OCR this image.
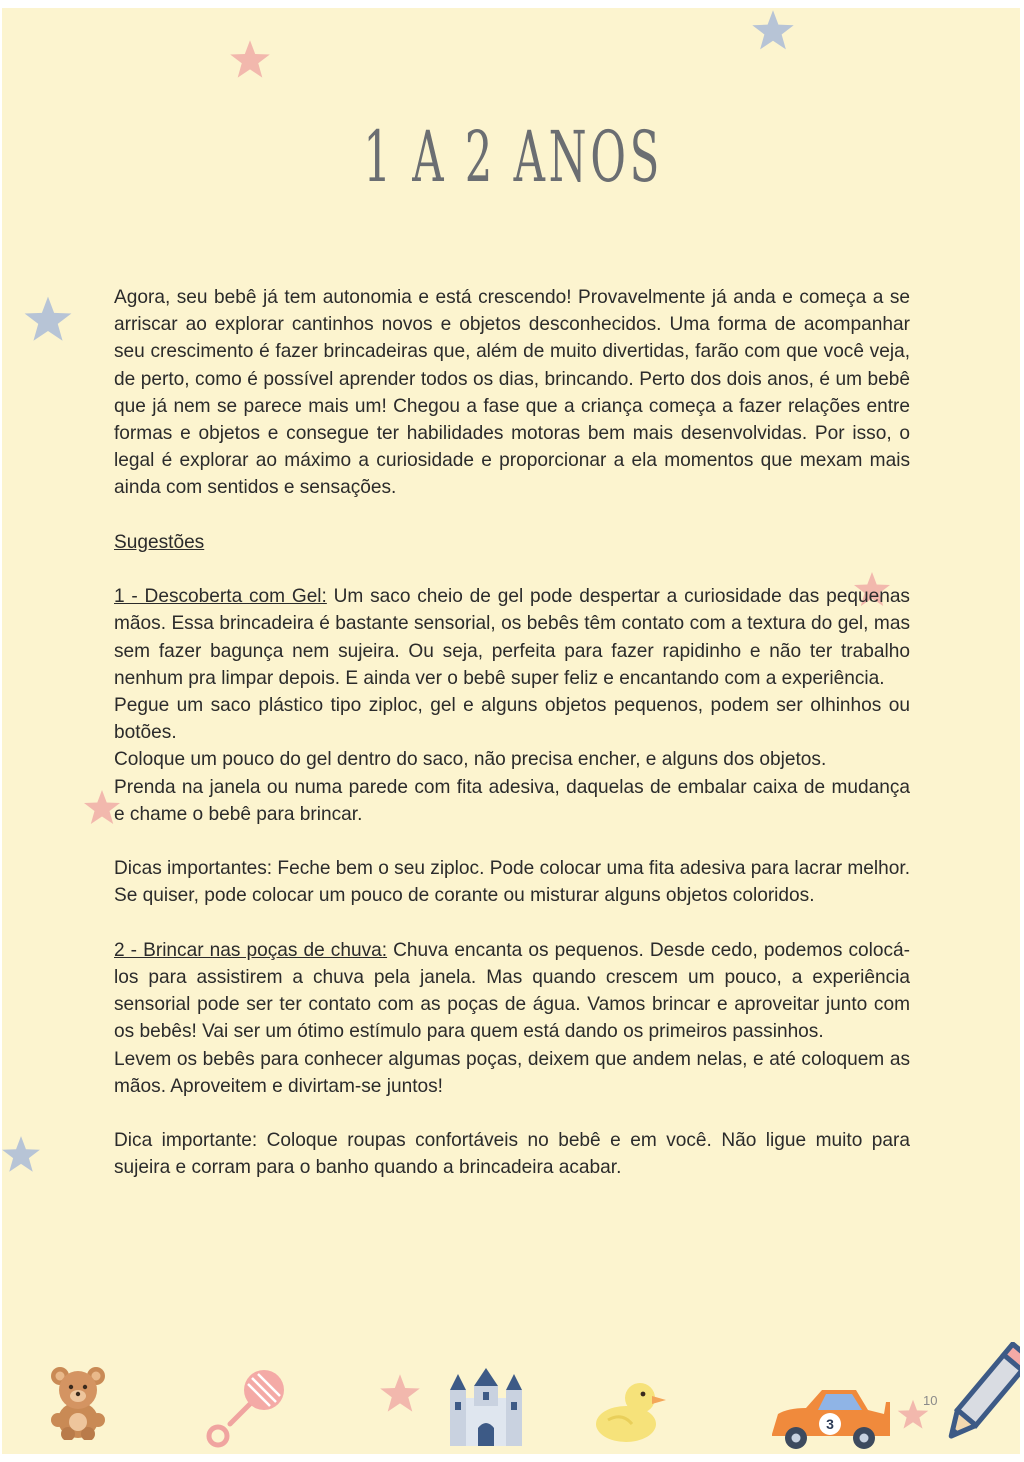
1 A 2 ANOS

Agora, seu bebê já tem autonomia e está crescendo! Provavelmente já anda e começa a se arriscar ao explorar cantinhos novos e objetos desconhecidos. Uma forma de acompanhar seu crescimento é fazer brincadeiras que, além de muito divertidas, farão com que você veja, de perto, como é possível aprender todos os dias, brincando. Perto dos dois anos, é um bebê que já nem se parece mais um! Chegou a fase que a criança começa a fazer relações entre formas e objetos e consegue ter habilidades motoras bem mais desenvolvidas. Por isso, o legal é explorar ao máximo a curiosidade e proporcionar a ela momentos que mexam mais ainda com sentidos e sensações.

Sugestões

1 - Descoberta com Gel: Um saco cheio de gel pode despertar a curiosidade das pequenas mãos. Essa brincadeira é bastante sensorial, os bebês têm contato com a textura do gel, mas sem fazer bagunça nem sujeira. Ou seja, perfeita para fazer rapidinho e não ter trabalho nenhum pra limpar depois. E ainda ver o bebê super feliz e encantando com a experiência.

Pegue um saco plástico tipo ziploc, gel e alguns objetos pequenos, podem ser olhinhos ou botões.

Coloque um pouco do gel dentro do saco, não precisa encher, e alguns dos objetos.

Prenda na janela ou numa parede com fita adesiva, daquelas de embalar caixa de mudança e chame o bebê para brincar.

Dicas importantes: Feche bem o seu ziploc. Pode colocar uma fita adesiva para lacrar melhor. Se quiser, pode colocar um pouco de corante ou misturar alguns objetos coloridos.

2 - Brincar nas poças de chuva: Chuva encanta os pequenos. Desde cedo, podemos colocá-los para assistirem a chuva pela janela. Mas quando crescem um pouco, a experiência sensorial pode ser ter contato com as poças de água. Vamos brincar e aproveitar junto com os bebês! Vai ser um ótimo estímulo para quem está dando os primeiros passinhos.

Levem os bebês para conhecer algumas poças, deixem que andem nelas, e até coloquem as mãos. Aproveitem e divirtam-se juntos!

Dica importante: Coloque roupas confortáveis no bebê e em você. Não ligue muito para sujeira e corram para o banho quando a brincadeira acabar.

3
10
